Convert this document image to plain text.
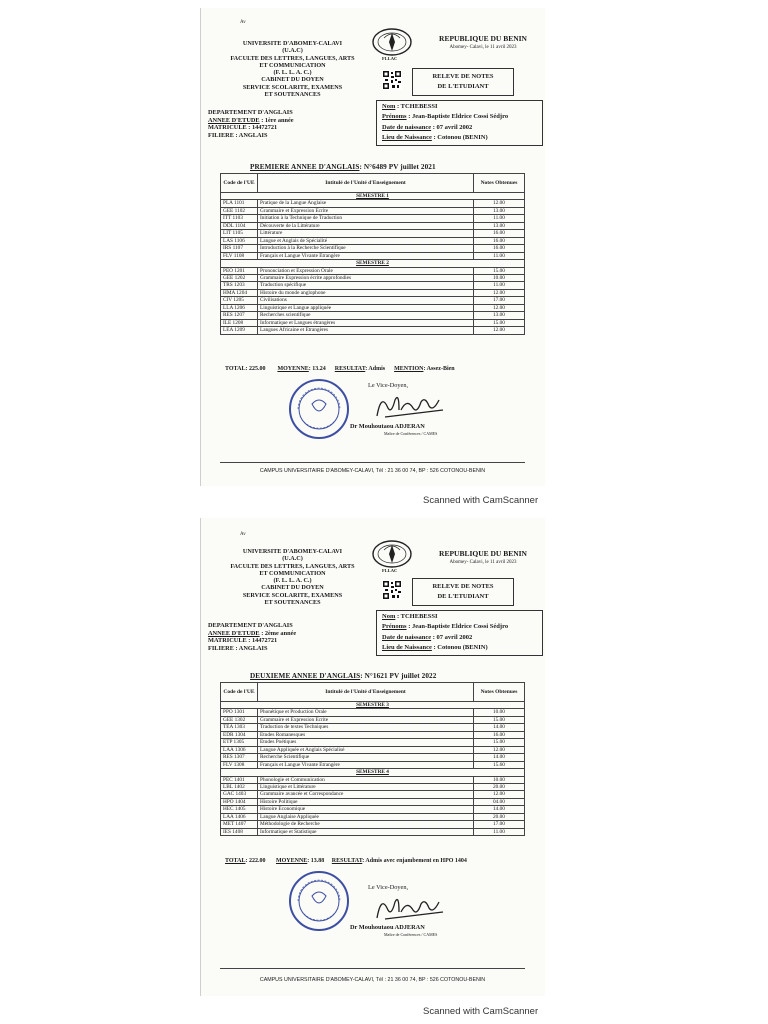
Av
UNIVERSITE D'ABOMEY-CALAVI
(U.A.C)
FACULTE DES LETTRES, LANGUES, ARTS
ET COMMUNICATION
(F. L. L. A. C.)
CABINET DU DOYEN
SERVICE SCOLARITE, EXAMENS
ET SOUTENANCES
FLLAC
REPUBLIQUE DU BENIN
Abomey- Calavi, le 11 avril 2023
RELEVE DE NOTES
DE L'ETUDIANT
DEPARTEMENT D'ANGLAIS
ANNEE D'ETUDE : 1ère année
MATRICULE : 14472721
FILIERE : ANGLAIS
Nom : TCHEBESSI
Prénoms : Jean-Baptiste Eldrice Cossi Sédjro
Date de naissance : 07 avril 2002
Lieu de Naissance : Cotonou (BENIN)
PREMIERE ANNEE D'ANGLAIS: N°6489 PV juillet 2021
Code de l'UE	Intitulé de l'Unité d'Enseignement	Notes Obtenues
SEMESTRE 1		
PLA 1101	Pratique de la Langue Anglaise	12.00
GEE 1102	Grammaire et Expression Ecrite	13.00
ITT 1103	Initiation à la Technique de Traduction	11.00
DDL 1104	Découverte de la Littérature	13.00
LIT 1105	Littérature	16.00
LAS 1106	Langue et Anglais de Spécialité	16.00
IRS 1107	Introduction à la Recherche Scientifique	16.00
FLV 1108	Français et Langue Vivante Etrangère	11.00
SEMESTRE 2		
PEO 1201	Prononciation et Expression Orale	15.00
GEE 1202	Grammaire Expression écrite approfondies	10.00
TRS 1203	Traduction spécifique	11.00
HMA 1204	Histoire du monde anglophone	12.00
CIV 1205	Civilisations	17.00
LLA 1206	Linguistique et Langue appliquée	12.00
RES 1207	Recherches scientifique	13.00
ILE 1208	Informatique et Langues étrangères	15.00
LEA 1209	Langues Africaine et Etrangères	12.00
TOTAL: 225.00 MOYENNE: 13.24 RESULTAT: Admis MENTION: Assez-Bien
Le Vice-Doyen,
Dr Mouhoutaou ADJERAN
Maître de Conférences / CAMES
CAMPUS UNIVERSITAIRE D'ABOMEY-CALAVI, Tél : 21 36 00 74, BP : 526 COTONOU-BENIN
Scanned with CamScanner
Av
UNIVERSITE D'ABOMEY-CALAVI
(U.A.C)
FACULTE DES LETTRES, LANGUES, ARTS
ET COMMUNICATION
(F. L. L. A. C.)
CABINET DU DOYEN
SERVICE SCOLARITE, EXAMENS
ET SOUTENANCES
FLLAC
REPUBLIQUE DU BENIN
Abomey- Calavi, le 11 avril 2023
RELEVE DE NOTES
DE L'ETUDIANT
DEPARTEMENT D'ANGLAIS
ANNEE D'ETUDE : 2ème année
MATRICULE : 14472721
FILIERE : ANGLAIS
Nom : TCHEBESSI
Prénoms : Jean-Baptiste Eldrice Cossi Sédjro
Date de naissance : 07 avril 2002
Lieu de Naissance : Cotonou (BENIN)
DEUXIEME ANNEE D'ANGLAIS: N°1621 PV juillet 2022
Code de l'UE	Intitulé de l'Unité d'Enseignement	Notes Obtenues
SEMESTRE 3		
PPO 1301	Phonétique et Production Orale	10.00
GEE 1302	Grammaire et Expression Ecrite	15.00
TEA 1303	Traduction de textes Techniques	14.00
EDR 1304	Etudes Romanesques	16.00
ETP 1305	Etudes Poétiques	15.00
LAA 1306	Langue Appliquée et Anglais Spécialisé	12.00
RES 1307	Recherche Scientifique	14.00
FLV 1308	Français et Langue Vivante Etrangère	15.60
SEMESTRE 4		
PEC 1401	Phonologie et Communication	10.00
LBL 1402	Linguistique et Littérature	20.00
GAC 1403	Grammaire avancée et Correspondance	12.00
HPO 1404	Histoire Politique	04.00
HEC 1405	Histoire Economique	14.00
LAA 1406	Langue Anglaise Appliquée	20.00
MET 1407	Méthodologie de Recherche	17.00
IES 1408	Informatique et Statistique	11.00
TOTAL: 222.00 MOYENNE: 13.88 RESULTAT: Admis avec enjambement en HPO 1404
Le Vice-Doyen,
Dr Mouhoutaou ADJERAN
Maître de Conférences / CAMES
CAMPUS UNIVERSITAIRE D'ABOMEY-CALAVI, Tél : 21 36 00 74, BP : 526 COTONOU-BENIN
Scanned with CamScanner
